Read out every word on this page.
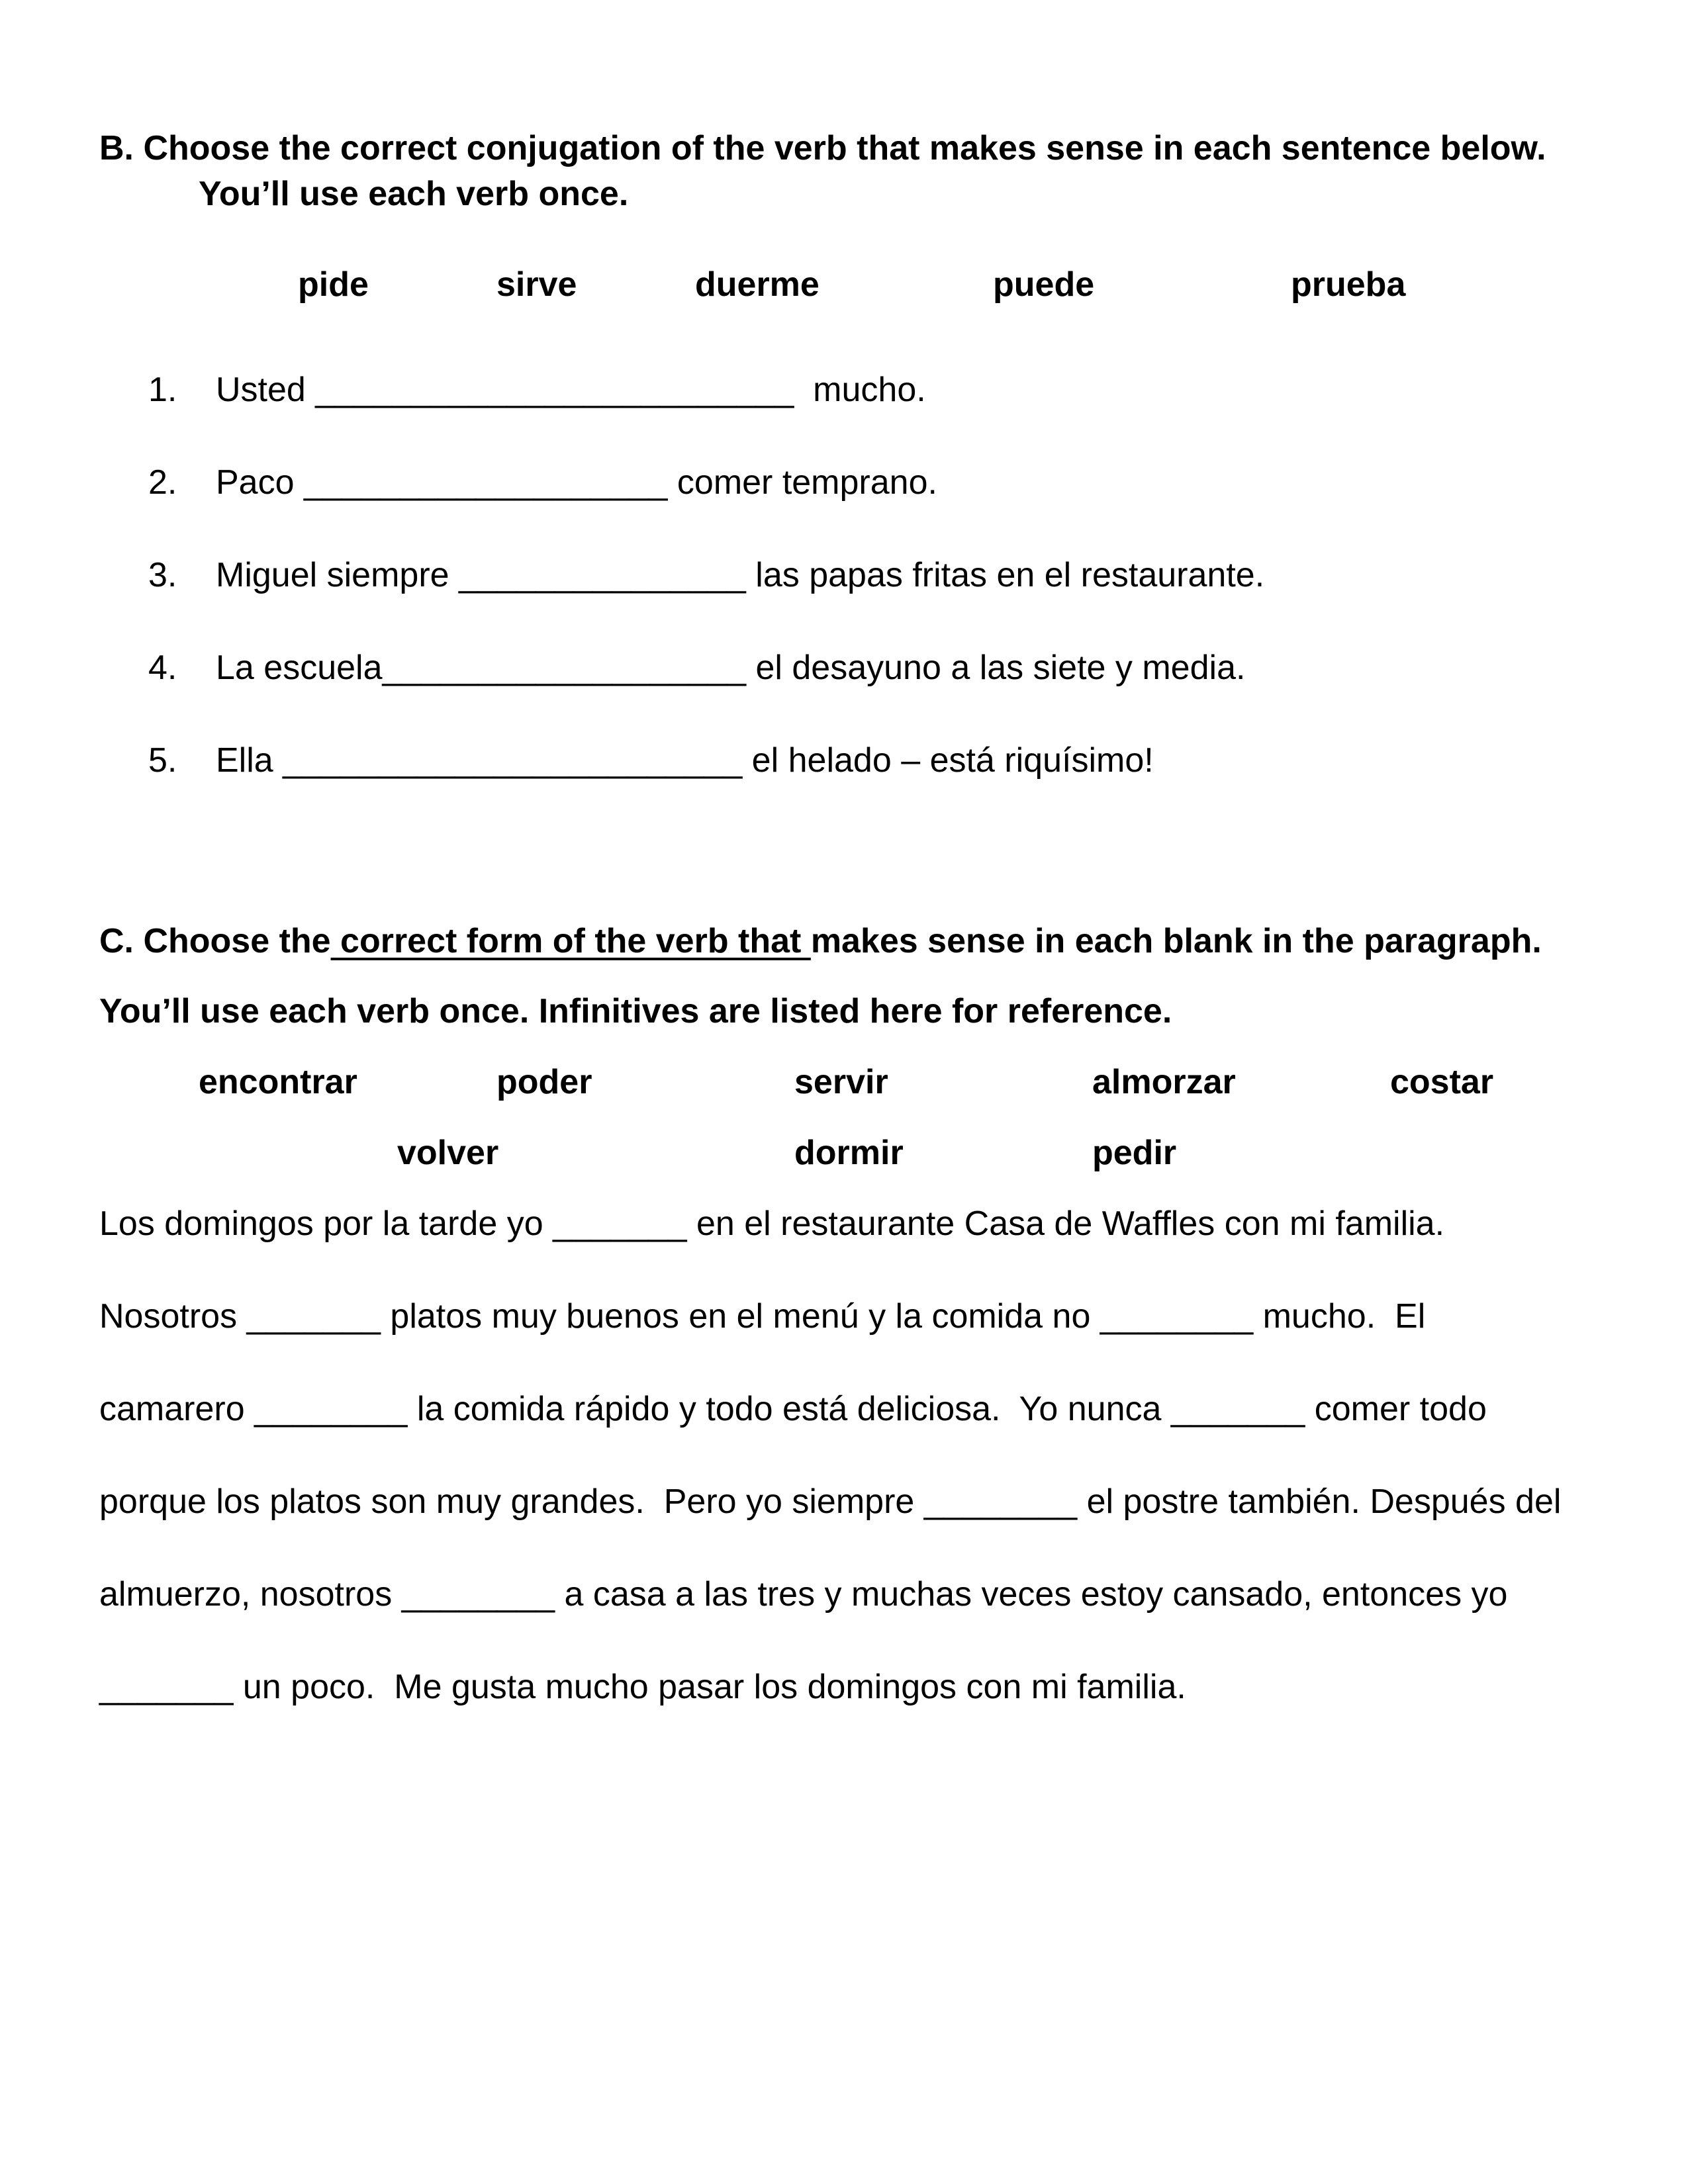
B. Choose the correct conjugation of the verb that makes sense in each sentence below.
You’ll use each verb once.
pide	sirve	duerme	puede	prueba
1. Usted _________________________  mucho.
2. Paco ___________________ comer temprano.
3. Miguel siempre _______________ las papas fritas en el restaurante.
4. La escuela___________________ el desayuno a las siete y media.
5. Ella ________________________ el helado – está riquísimo!
C. Choose the correct form of the verb that makes sense in each blank in the paragraph.
You’ll use each verb once. Infinitives are listed here for reference.
encontrar	poder	servir	almorzar	costar
volver	dormir	pedir
Los domingos por la tarde yo _______ en el restaurante Casa de Waffles con mi familia.
Nosotros _______ platos muy buenos en el menú y la comida no ________ mucho.  El
camarero ________ la comida rápido y todo está deliciosa.  Yo nunca _______ comer todo
porque los platos son muy grandes.  Pero yo siempre ________ el postre también. Después del
almuerzo, nosotros ________ a casa a las tres y muchas veces estoy cansado, entonces yo
_______ un poco.  Me gusta mucho pasar los domingos con mi familia.
